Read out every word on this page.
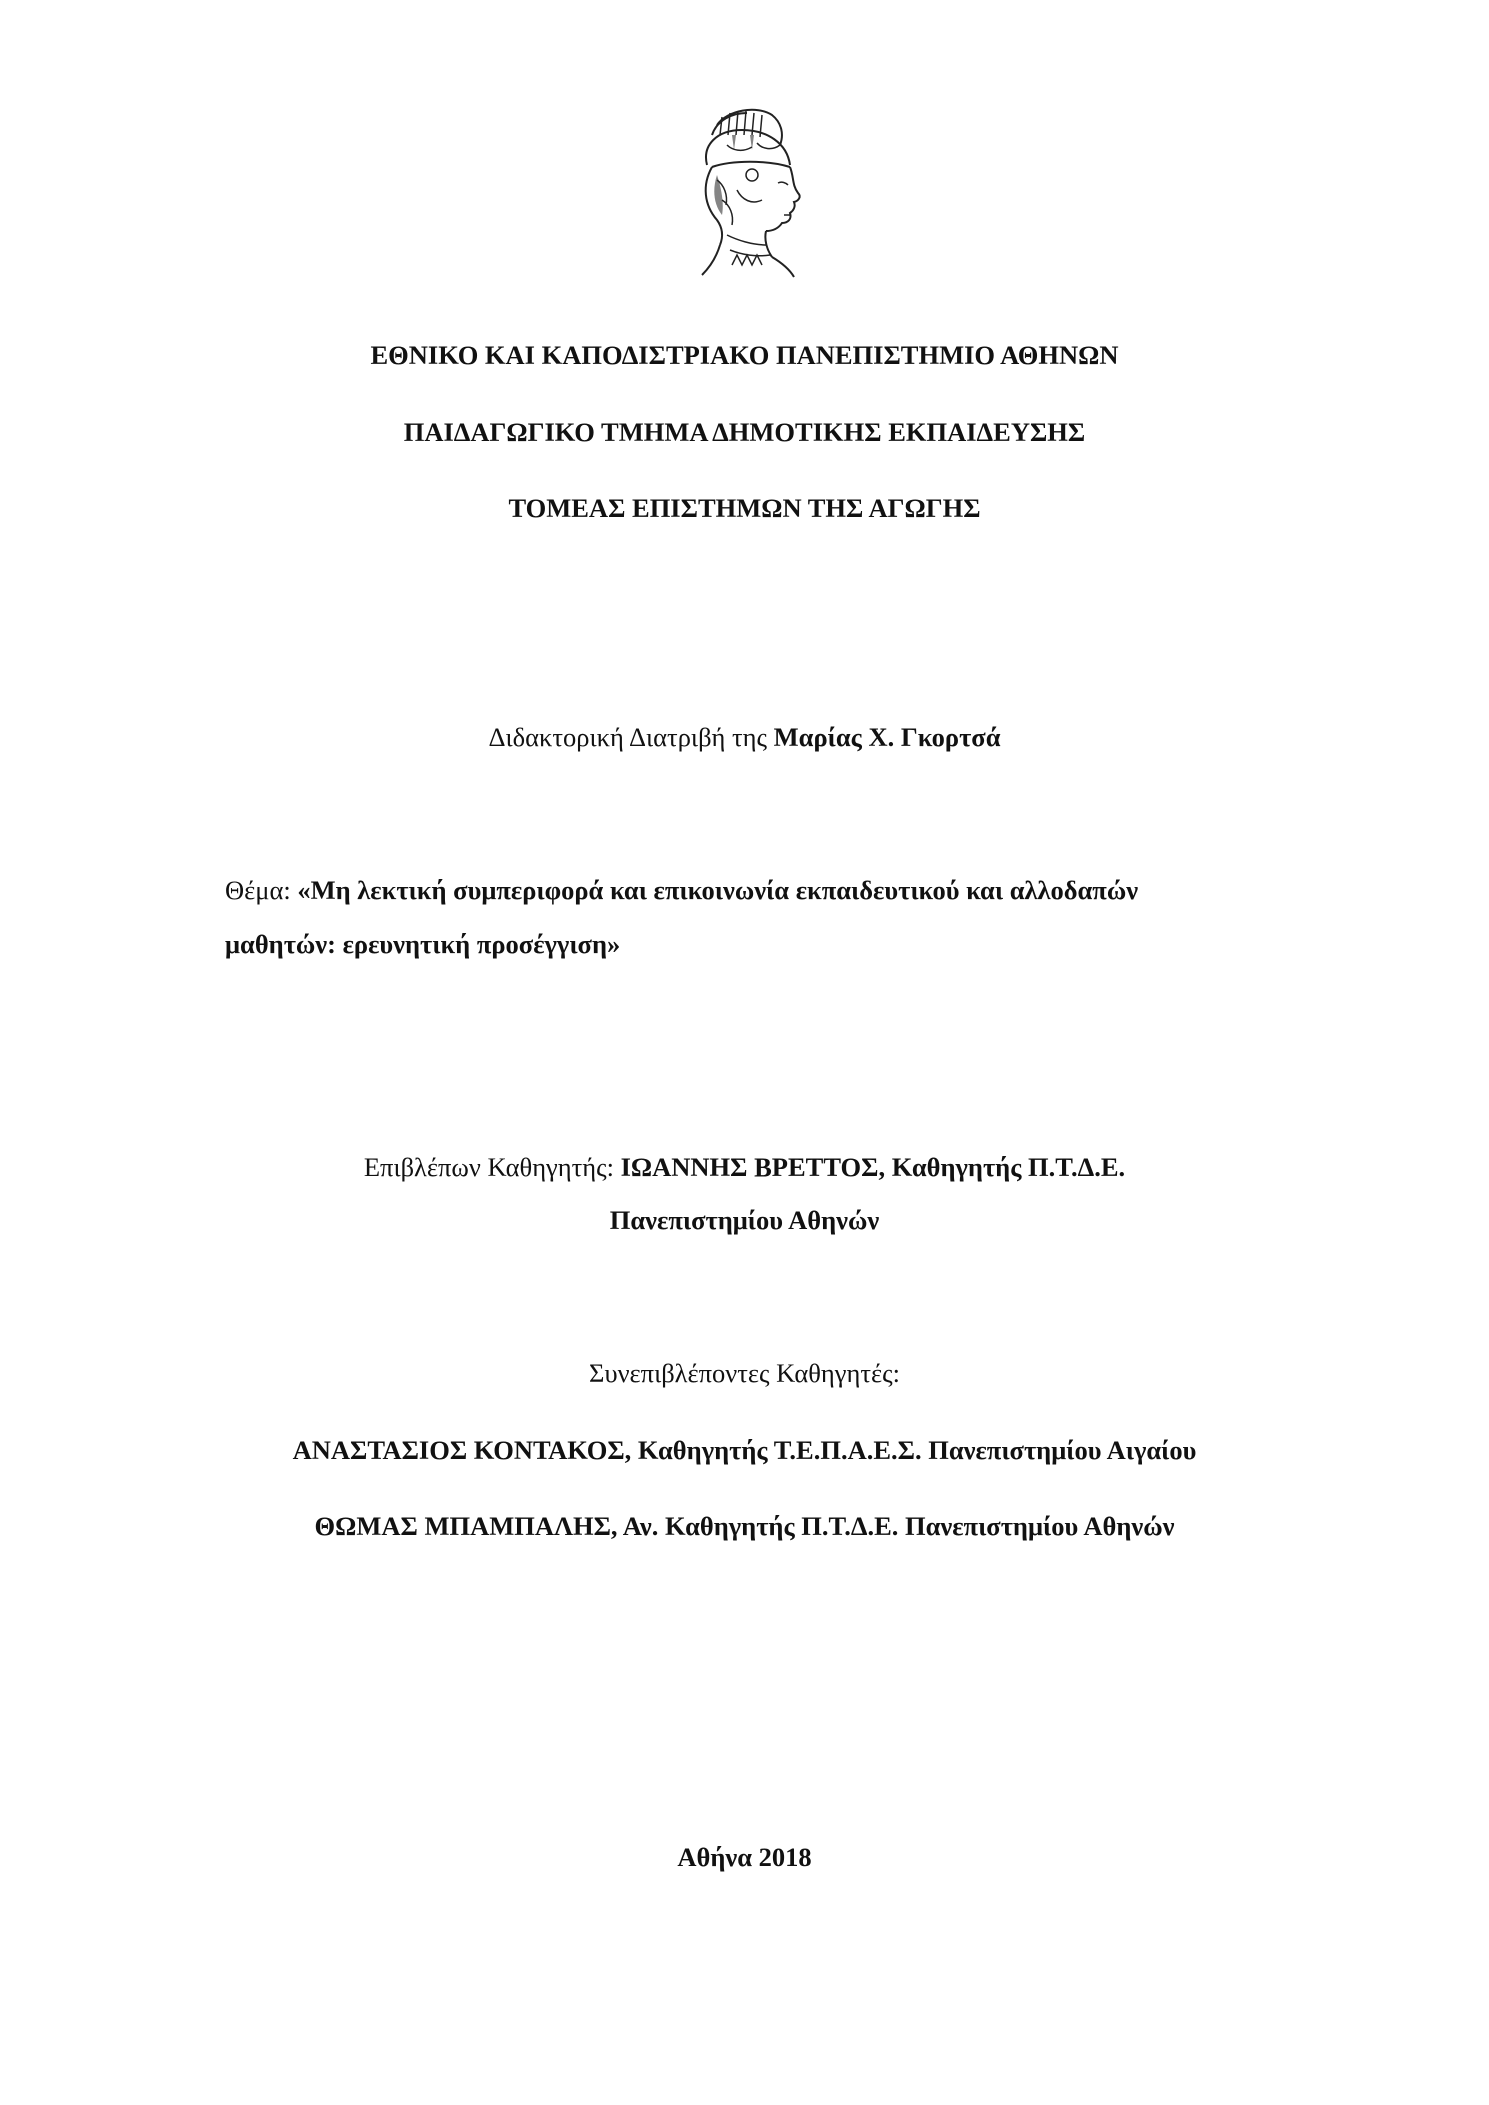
ΕΘΝΙΚΟ ΚΑΙ ΚΑΠΟΔΙΣΤΡΙΑΚΟ ΠΑΝΕΠΙΣΤΗΜΙΟ ΑΘΗΝΩΝ
ΠΑΙΔΑΓΩΓΙΚΟ ΤΜΗΜΑ ΔΗΜΟΤΙΚΗΣ ΕΚΠΑΙΔΕΥΣΗΣ
ΤΟΜΕΑΣ ΕΠΙΣΤΗΜΩΝ ΤΗΣ ΑΓΩΓΗΣ
Διδακτορική Διατριβή της Μαρίας Χ. Γκορτσά
Θέμα: «Μη λεκτική συμπεριφορά και επικοινωνία εκπαιδευτικού και αλλοδαπών
μαθητών: ερευνητική προσέγγιση»
Επιβλέπων Καθηγητής: ΙΩΑΝΝΗΣ ΒΡΕΤΤΟΣ, Καθηγητής Π.Τ.Δ.Ε.
Πανεπιστημίου Αθηνών
Συνεπιβλέποντες Καθηγητές:
ΑΝΑΣΤΑΣΙΟΣ ΚΟΝΤΑΚΟΣ, Καθηγητής Τ.Ε.Π.Α.Ε.Σ. Πανεπιστημίου Αιγαίου
ΘΩΜΑΣ ΜΠΑΜΠΑΛΗΣ, Αν. Καθηγητής Π.Τ.Δ.Ε. Πανεπιστημίου Αθηνών
Αθήνα 2018
